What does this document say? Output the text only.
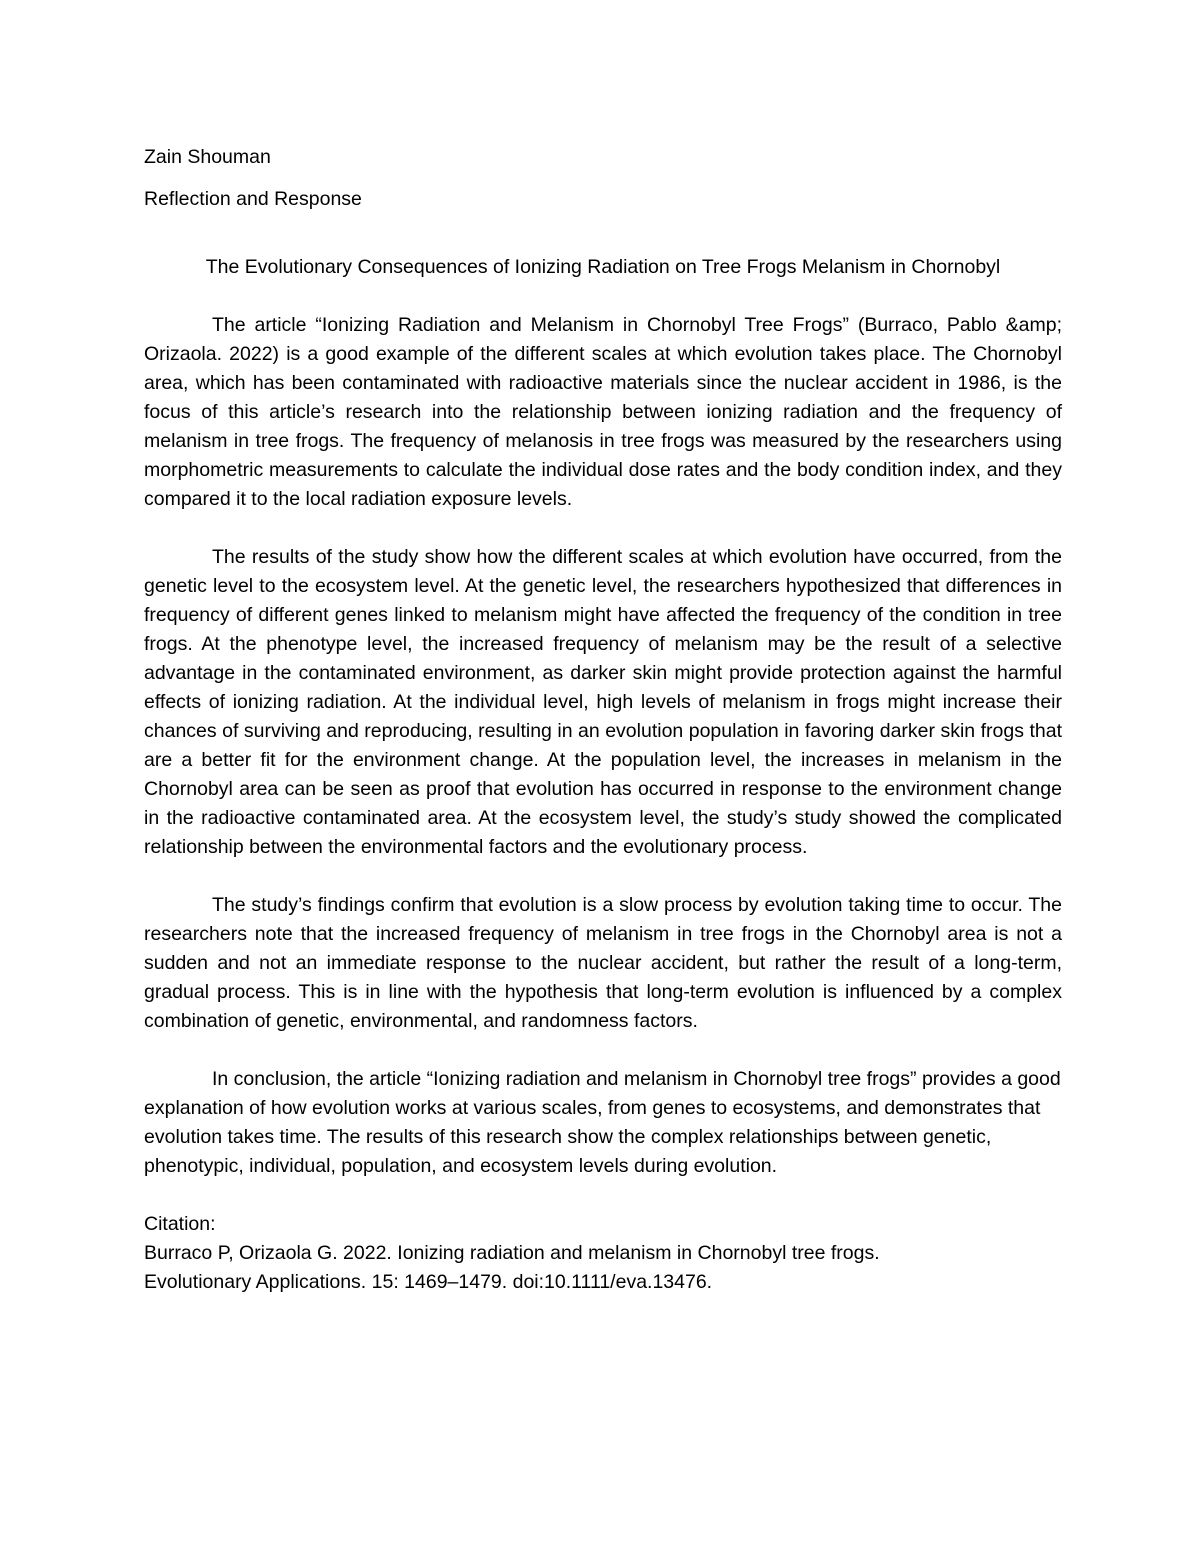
Zain Shouman

Reflection and Response

The Evolutionary Consequences of Ionizing Radiation on Tree Frogs Melanism in Chornobyl

The article “Ionizing Radiation and Melanism in Chornobyl Tree Frogs” (Burraco, Pablo &amp; Orizaola. 2022) is a good example of the different scales at which evolution takes place. The Chornobyl area, which has been contaminated with radioactive materials since the nuclear accident in 1986, is the focus of this article’s research into the relationship between ionizing radiation and the frequency of melanism in tree frogs. The frequency of melanosis in tree frogs was measured by the researchers using morphometric measurements to calculate the individual dose rates and the body condition index, and they compared it to the local radiation exposure levels.

The results of the study show how the different scales at which evolution have occurred, from the genetic level to the ecosystem level. At the genetic level, the researchers hypothesized that differences in frequency of different genes linked to melanism might have affected the frequency of the condition in tree frogs. At the phenotype level, the increased frequency of melanism may be the result of a selective advantage in the contaminated environment, as darker skin might provide protection against the harmful effects of ionizing radiation. At the individual level, high levels of melanism in frogs might increase their chances of surviving and reproducing, resulting in an evolution population in favoring darker skin frogs that are a better fit for the environment change. At the population level, the increases in melanism in the Chornobyl area can be seen as proof that evolution has occurred in response to the environment change in the radioactive contaminated area. At the ecosystem level, the study’s study showed the complicated relationship between the environmental factors and the evolutionary process.

The study’s findings confirm that evolution is a slow process by evolution taking time to occur. The researchers note that the increased frequency of melanism in tree frogs in the Chornobyl area is not a sudden and not an immediate response to the nuclear accident, but rather the result of a long-term, gradual process. This is in line with the hypothesis that long-term evolution is influenced by a complex combination of genetic, environmental, and randomness factors.

In conclusion, the article “Ionizing radiation and melanism in Chornobyl tree frogs” provides a good explanation of how evolution works at various scales, from genes to ecosystems, and demonstrates that evolution takes time. The results of this research show the complex relationships between genetic, phenotypic, individual, population, and ecosystem levels during evolution.

Citation:

Burraco P, Orizaola G. 2022. Ionizing radiation and melanism in Chornobyl tree frogs.

Evolutionary Applications. 15: 1469–1479. doi:10.1111/eva.13476.
